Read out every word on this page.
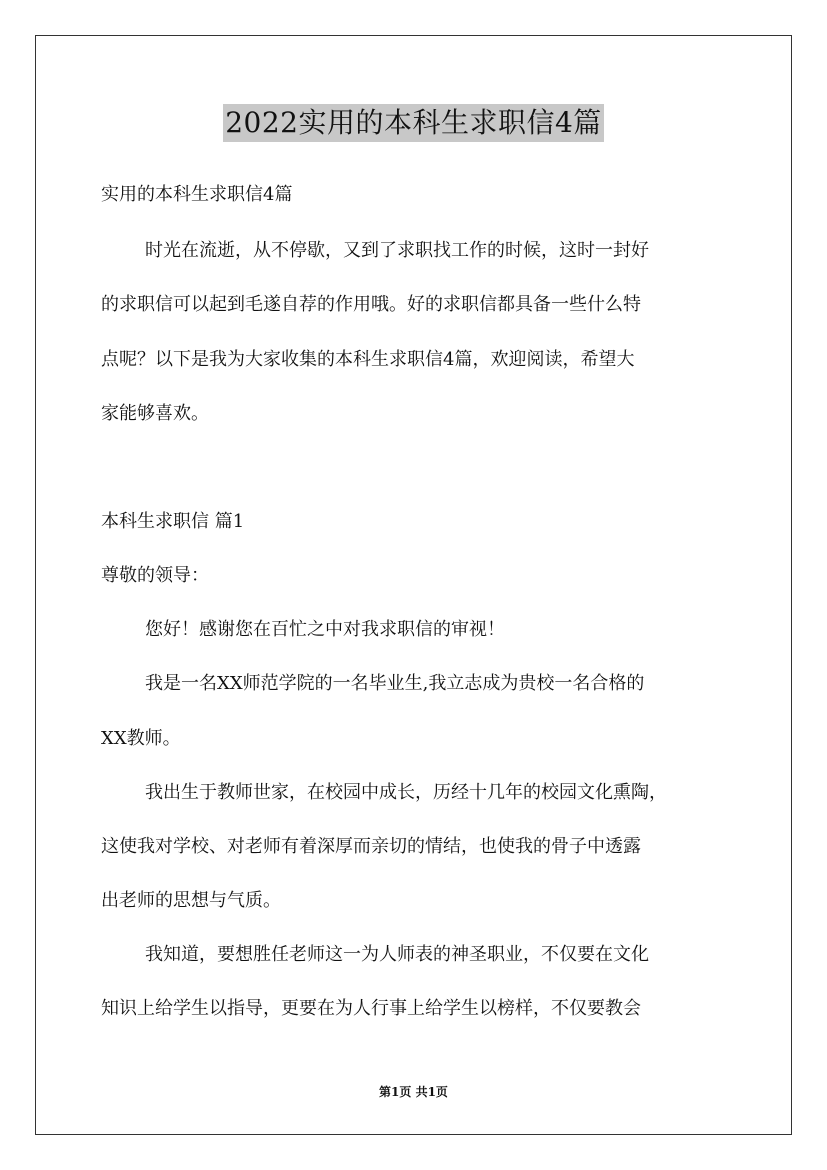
2022实用的本科生求职信4篇
实用的本科生求职信4篇
时光在流逝，从不停歇，又到了求职找工作的时候，这时一封好
的求职信可以起到毛遂自荐的作用哦。好的求职信都具备一些什么特
点呢？以下是我为大家收集的本科生求职信4篇，欢迎阅读，希望大
家能够喜欢。
本科生求职信 篇1
尊敬的领导：
您好！感谢您在百忙之中对我求职信的审视！
我是一名XX师范学院的一名毕业生,我立志成为贵校一名合格的
XX教师。
我出生于教师世家，在校园中成长，历经十几年的校园文化熏陶，
这使我对学校、对老师有着深厚而亲切的情结，也使我的骨子中透露
出老师的思想与气质。
我知道，要想胜任老师这一为人师表的神圣职业，不仅要在文化
知识上给学生以指导，更要在为人行事上给学生以榜样，不仅要教会
第1页 共1页
